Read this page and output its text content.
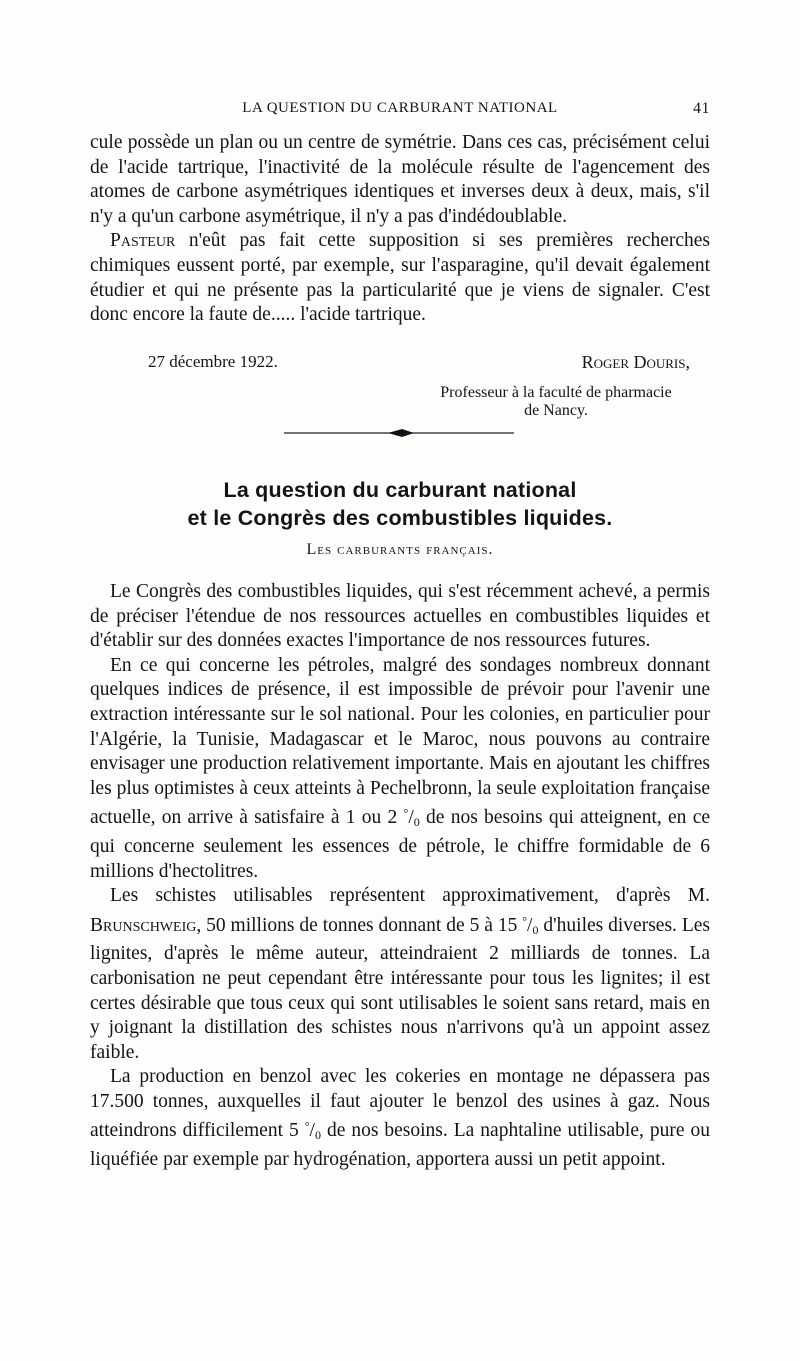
LA QUESTION DU CARBURANT NATIONAL	41

cule possède un plan ou un centre de symétrie. Dans ces cas, précisément celui de l'acide tartrique, l'inactivité de la molécule résulte de l'agencement des atomes de carbone asymétriques identiques et inverses deux à deux, mais, s'il n'y a qu'un carbone asymétrique, il n'y a pas d'indédoublable.

Pasteur n'eût pas fait cette supposition si ses premières recherches chimiques eussent porté, par exemple, sur l'asparagine, qu'il devait également étudier et qui ne présente pas la particularité que je viens de signaler. C'est donc encore la faute de..... l'acide tartrique.

27 décembre 1922.	Roger Douris,
Professeur à la faculté de pharmacie
de Nancy.
La question du carburant national
et le Congrès des combustibles liquides.
Les carburants français.

Le Congrès des combustibles liquides, qui s'est récemment achevé, a permis de préciser l'étendue de nos ressources actuelles en combustibles liquides et d'établir sur des données exactes l'importance de nos ressources futures.

En ce qui concerne les pétroles, malgré des sondages nombreux donnant quelques indices de présence, il est impossible de prévoir pour l'avenir une extraction intéressante sur le sol national. Pour les colonies, en particulier pour l'Algérie, la Tunisie, Madagascar et le Maroc, nous pouvons au contraire envisager une production relativement importante. Mais en ajoutant les chiffres les plus optimistes à ceux atteints à Pechelbronn, la seule exploitation française actuelle, on arrive à satisfaire à 1 ou 2 $^\circ/_0$ de nos besoins qui atteignent, en ce qui concerne seulement les essences de pétrole, le chiffre formidable de 6 millions d'hectolitres.

Les schistes utilisables représentent approximativement, d'après M. Brunschweig, 50 millions de tonnes donnant de 5 à 15 $^\circ/_0$ d'huiles diverses. Les lignites, d'après le même auteur, atteindraient 2 milliards de tonnes. La carbonisation ne peut cependant être intéressante pour tous les lignites; il est certes désirable que tous ceux qui sont utilisables le soient sans retard, mais en y joignant la distillation des schistes nous n'arrivons qu'à un appoint assez faible.

La production en benzol avec les cokeries en montage ne dépassera pas 17.500 tonnes, auxquelles il faut ajouter le benzol des usines à gaz. Nous atteindrons difficilement 5 $^\circ/_0$ de nos besoins. La naphtaline utilisable, pure ou liquéfiée par exemple par hydrogénation, apportera aussi un petit appoint.
